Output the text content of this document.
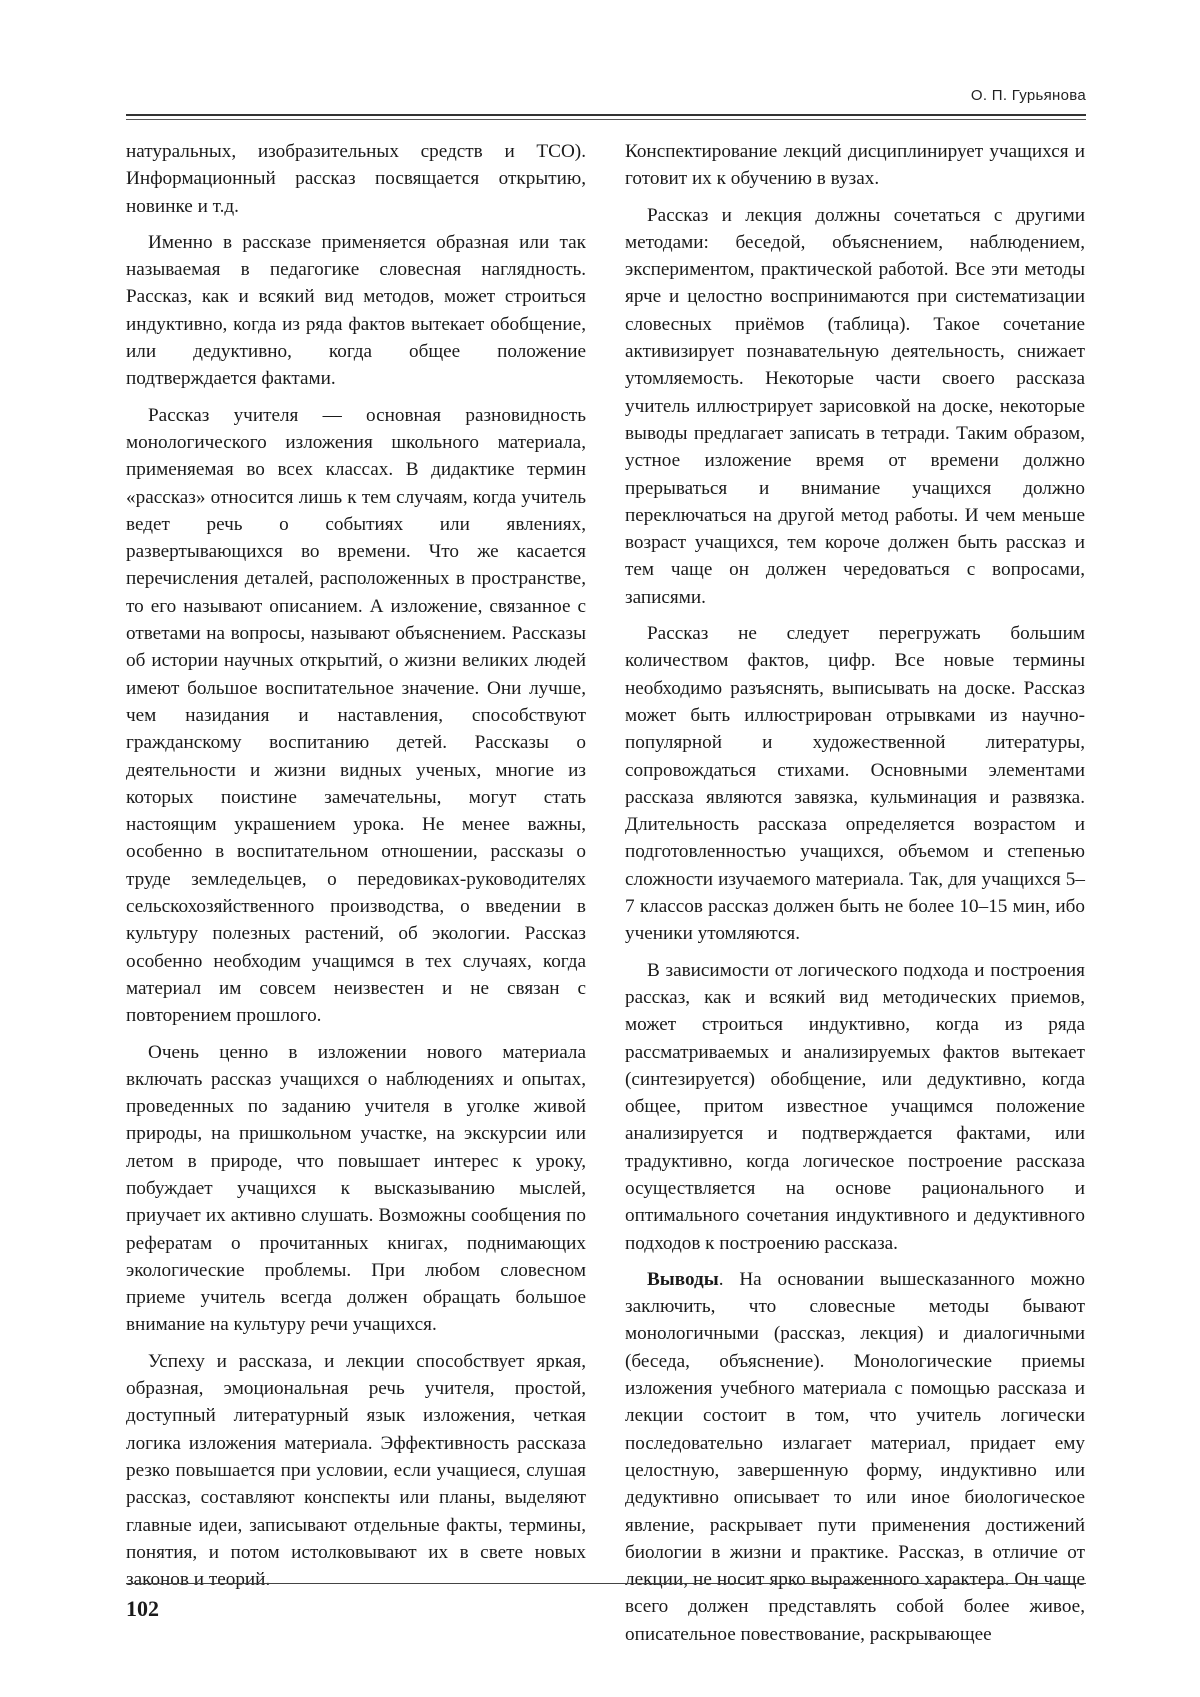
О. П. Гурьянова

натуральных, изобразительных средств и ТСО). Информационный рассказ посвящается открытию, новинке и т.д.

Именно в рассказе применяется образная или так называемая в педагогике словесная наглядность. Рассказ, как и всякий вид методов, может строиться индуктивно, когда из ряда фактов вытекает обобщение, или дедуктивно, когда общее положение подтверждается фактами.

Рассказ учителя — основная разновидность монологического изложения школьного материала, применяемая во всех классах. В дидактике термин «рассказ» относится лишь к тем случаям, когда учитель ведет речь о событиях или явлениях, развертывающихся во времени. Что же касается перечисления деталей, расположенных в пространстве, то его называют описанием. А изложение, связанное с ответами на вопросы, называют объяснением. Рассказы об истории научных открытий, о жизни великих людей имеют большое воспитательное значение. Они лучше, чем назидания и наставления, способствуют гражданскому воспитанию детей. Рассказы о деятельности и жизни видных ученых, многие из которых поистине замечательны, могут стать настоящим украшением урока. Не менее важны, особенно в воспитательном отношении, рассказы о труде земледельцев, о передовиках-руководителях сельскохозяйственного производства, о введении в культуру полезных растений, об экологии. Рассказ особенно необходим учащимся в тех случаях, когда материал им совсем неизвестен и не связан с повторением прошлого.

Очень ценно в изложении нового материала включать рассказ учащихся о наблюдениях и опытах, проведенных по заданию учителя в уголке живой природы, на пришкольном участке, на экскурсии или летом в природе, что повышает интерес к уроку, побуждает учащихся к высказыванию мыслей, приучает их активно слушать. Возможны сообщения по рефератам о прочитанных книгах, поднимающих экологические проблемы. При любом словесном приеме учитель всегда должен обращать большое внимание на культуру речи учащихся.

Успеху и рассказа, и лекции способствует яркая, образная, эмоциональная речь учителя, простой, доступный литературный язык изложения, четкая логика изложения материала. Эффективность рассказа резко повышается при условии, если учащиеся, слушая рассказ, составляют конспекты или планы, выделяют главные идеи, записывают отдельные факты, термины, понятия, и потом истолковывают их в свете новых законов и теорий.

Конспектирование лекций дисциплинирует учащихся и готовит их к обучению в вузах.

Рассказ и лекция должны сочетаться с другими методами: беседой, объяснением, наблюдением, экспериментом, практической работой. Все эти методы ярче и целостно воспринимаются при систематизации словесных приёмов (таблица). Такое сочетание активизирует познавательную деятельность, снижает утомляемость. Некоторые части своего рассказа учитель иллюстрирует зарисовкой на доске, некоторые выводы предлагает записать в тетради. Таким образом, устное изложение время от времени должно прерываться и внимание учащихся должно переключаться на другой метод работы. И чем меньше возраст учащихся, тем короче должен быть рассказ и тем чаще он должен чередоваться с вопросами, записями.

Рассказ не следует перегружать большим количеством фактов, цифр. Все новые термины необходимо разъяснять, выписывать на доске. Рассказ может быть иллюстрирован отрывками из научно-популярной и художественной литературы, сопровождаться стихами. Основными элементами рассказа являются завязка, кульминация и развязка. Длительность рассказа определяется возрастом и подготовленностью учащихся, объемом и степенью сложности изучаемого материала. Так, для учащихся 5–7 классов рассказ должен быть не более 10–15 мин, ибо ученики утомляются.

В зависимости от логического подхода и построения рассказ, как и всякий вид методических приемов, может строиться индуктивно, когда из ряда рассматриваемых и анализируемых фактов вытекает (синтезируется) обобщение, или дедуктивно, когда общее, притом известное учащимся положение анализируется и подтверждается фактами, или традуктивно, когда логическое построение рассказа осуществляется на основе рационального и оптимального сочетания индуктивного и дедуктивного подходов к построению рассказа.

Выводы. На основании вышесказанного можно заключить, что словесные методы бывают монологичными (рассказ, лекция) и диалогичными (беседа, объяснение). Монологические приемы изложения учебного материала с помощью рассказа и лекции состоит в том, что учитель логически последовательно излагает материал, придает ему целостную, завершенную форму, индуктивно или дедуктивно описывает то или иное биологическое явление, раскрывает пути применения достижений биологии в жизни и практике. Рассказ, в отличие от лекции, не носит ярко выраженного характера. Он чаще всего должен представлять собой более живое, описательное повествование, раскрывающее

102
